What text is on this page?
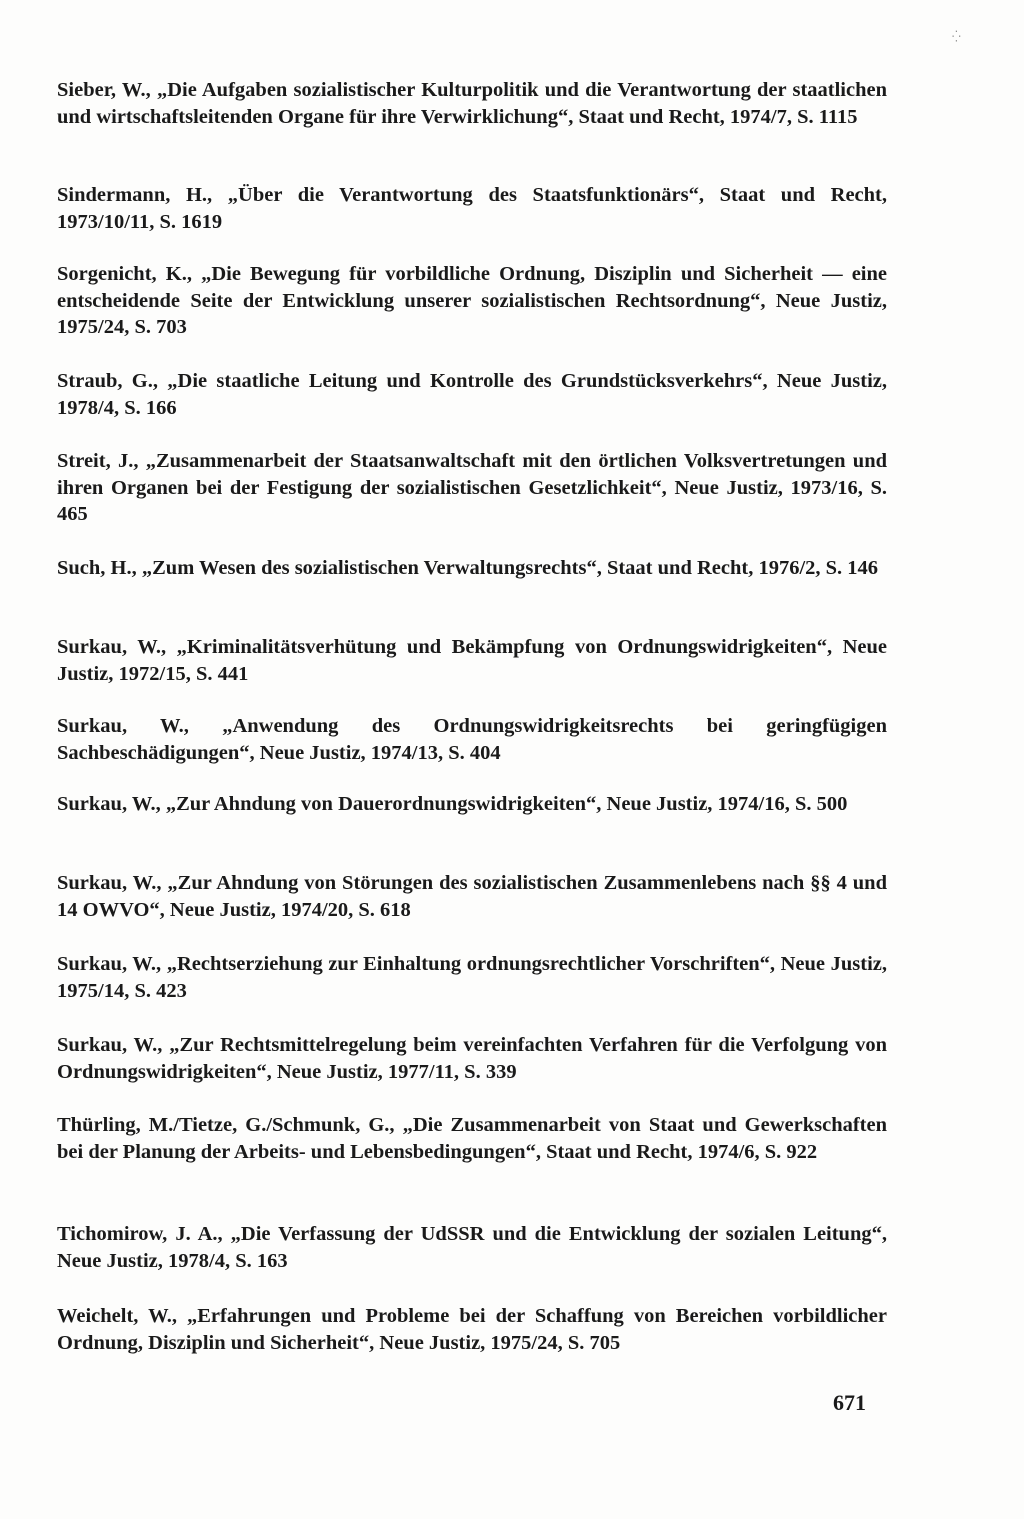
⁛

Sieber, W., „Die Aufgaben sozialistischer Kulturpolitik und die Verantwortung der staatlichen und wirtschaftsleitenden Organe für ihre Verwirklichung“, Staat und Recht, 1974/7, S. 1115

Sindermann, H., „Über die Verantwortung des Staatsfunktionärs“, Staat und Recht, 1973/10/11, S. 1619

Sorgenicht, K., „Die Bewegung für vorbildliche Ordnung, Disziplin und Sicherheit — eine entscheidende Seite der Entwicklung unserer sozialistischen Rechtsordnung“, Neue Justiz, 1975/24, S. 703

Straub, G., „Die staatliche Leitung und Kontrolle des Grundstücksverkehrs“, Neue Justiz, 1978/4, S. 166

Streit, J., „Zusammenarbeit der Staatsanwaltschaft mit den örtlichen Volksvertretungen und ihren Organen bei der Festigung der sozialistischen Gesetzlichkeit“, Neue Justiz, 1973/16, S. 465

Such, H., „Zum Wesen des sozialistischen Verwaltungsrechts“, Staat und Recht, 1976/2, S. 146

Surkau, W., „Kriminalitätsverhütung und Bekämpfung von Ordnungswidrigkeiten“, Neue Justiz, 1972/15, S. 441

Surkau, W., „Anwendung des Ordnungswidrigkeitsrechts bei geringfügigen Sachbeschädigungen“, Neue Justiz, 1974/13, S. 404

Surkau, W., „Zur Ahndung von Dauerordnungswidrigkeiten“, Neue Justiz, 1974/16, S. 500

Surkau, W., „Zur Ahndung von Störungen des sozialistischen Zusammenlebens nach §§ 4 und 14 OWVO“, Neue Justiz, 1974/20, S. 618

Surkau, W., „Rechtserziehung zur Einhaltung ordnungsrechtlicher Vorschriften“, Neue Justiz, 1975/14, S. 423

Surkau, W., „Zur Rechtsmittelregelung beim vereinfachten Verfahren für die Verfolgung von Ordnungswidrigkeiten“, Neue Justiz, 1977/11, S. 339

Thürling, M./Tietze, G./Schmunk, G., „Die Zusammenarbeit von Staat und Gewerkschaften bei der Planung der Arbeits- und Lebensbedingungen“, Staat und Recht, 1974/6, S. 922

Tichomirow, J. A., „Die Verfassung der UdSSR und die Entwicklung der sozialen Leitung“, Neue Justiz, 1978/4, S. 163

Weichelt, W., „Erfahrungen und Probleme bei der Schaffung von Bereichen vorbildlicher Ordnung, Disziplin und Sicherheit“, Neue Justiz, 1975/24, S. 705

671
